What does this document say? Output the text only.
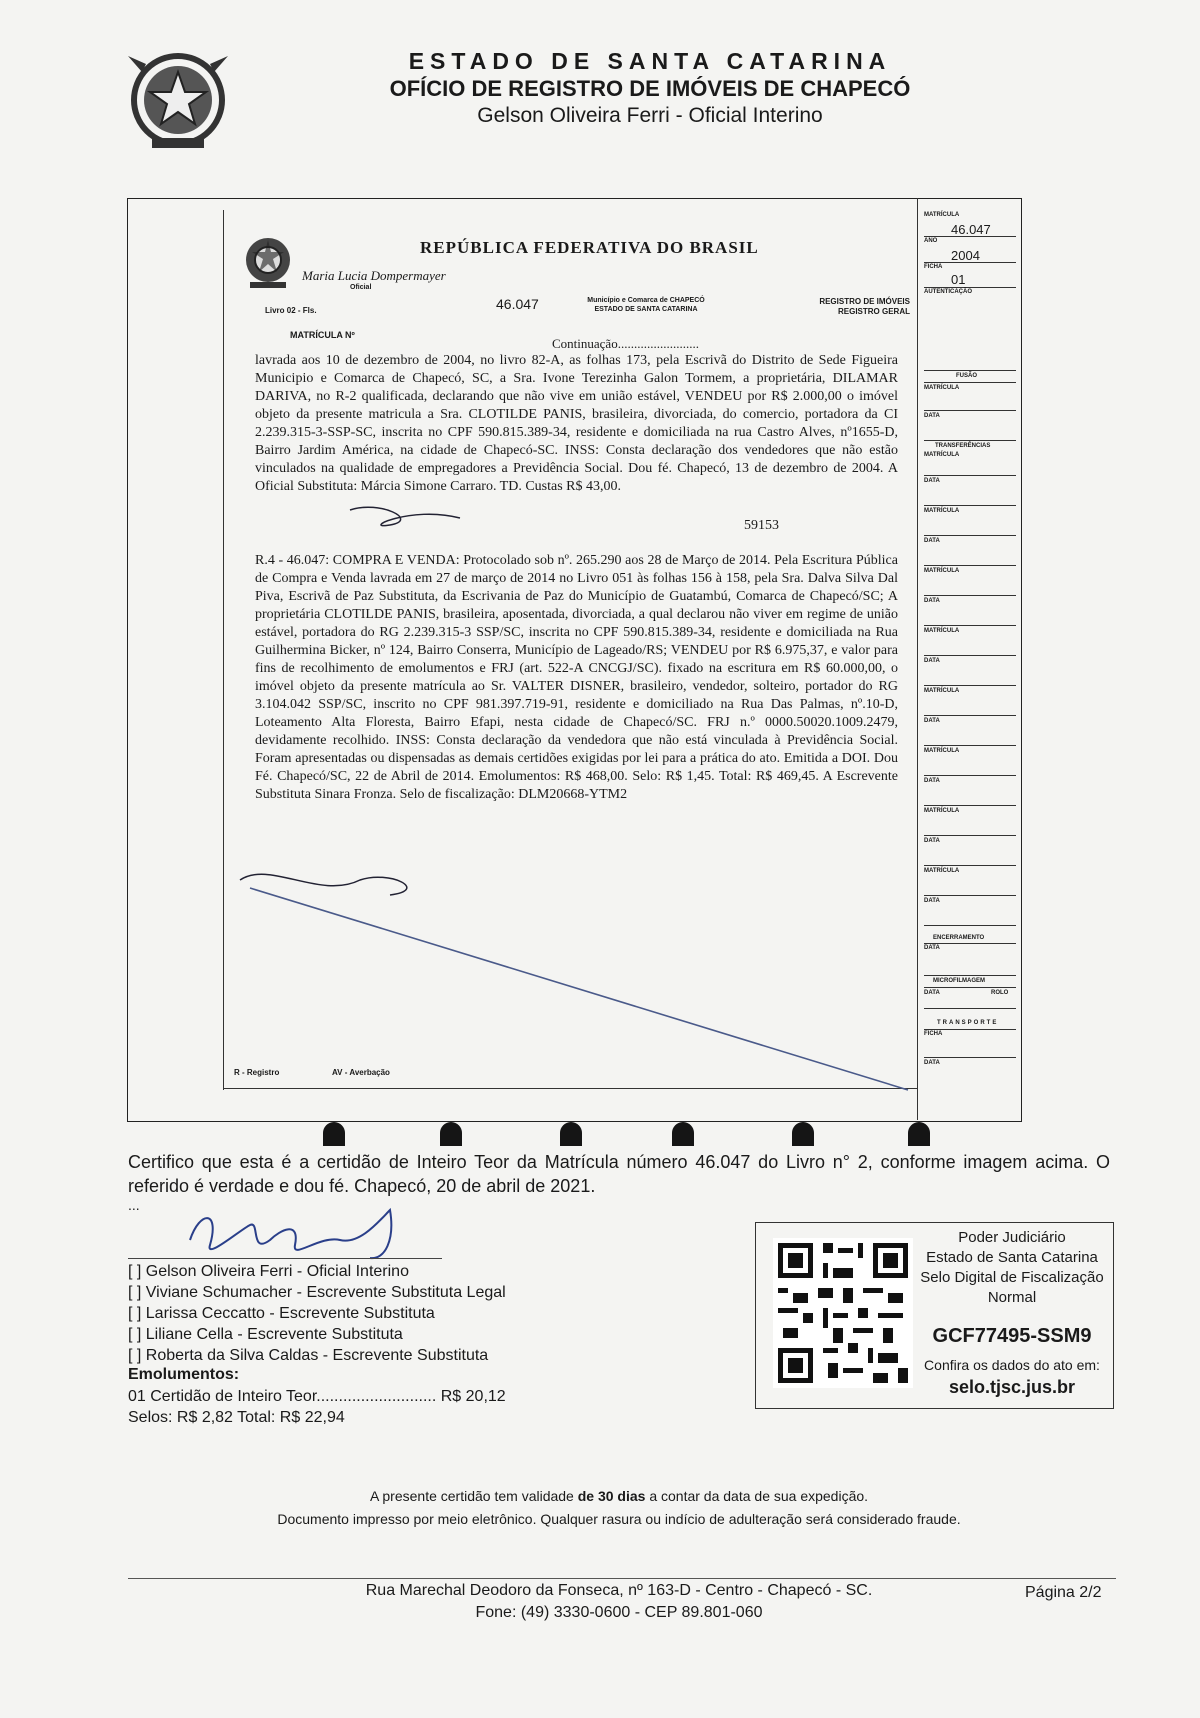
ESTADO DE SANTA CATARINA
OFÍCIO DE REGISTRO DE IMÓVEIS DE CHAPECÓ
Gelson Oliveira Ferri - Oficial Interino
REPÚBLICA FEDERATIVA DO BRASIL
Maria Lucia Dompermayer
Oficial
Livro 02 - Fls.	46.047	Município e Comarca de CHAPECÓ
ESTADO DE SANTA CATARINA
REGISTRO DE IMÓVEIS
REGISTRO GERAL
MATRÍCULA Nº
Continuação.........................
lavrada aos 10 de dezembro de 2004, no livro 82-A, as folhas 173, pela Escrivã do Distrito de Sede Figueira Municipio e Comarca de Chapecó, SC, a Sra. Ivone Terezinha Galon Tormem, a proprietária, DILAMAR DARIVA, no R-2 qualificada, declarando que não vive em união estável, VENDEU por R$ 2.000,00 o imóvel objeto da presente matricula a Sra. CLOTILDE PANIS, brasileira, divorciada, do comercio, portadora da CI 2.239.315-3-SSP-SC, inscrita no CPF 590.815.389-34, residente e domiciliada na rua Castro Alves, nº1655-D, Bairro Jardim América, na cidade de Chapecó-SC. INSS: Consta declaração dos vendedores que não estão vinculados na qualidade de empregadores a Previdência Social. Dou fé. Chapecó, 13 de dezembro de 2004. A Oficial Substituta: Márcia Simone Carraro. TD. Custas R$ 43,00.
59153
R.4 - 46.047: COMPRA E VENDA: Protocolado sob nº. 265.290 aos 28 de Março de 2014. Pela Escritura Pública de Compra e Venda lavrada em 27 de março de 2014 no Livro 051 às folhas 156 à 158, pela Sra. Dalva Silva Dal Piva, Escrivã de Paz Substituta, da Escrivania de Paz do Município de Guatambú, Comarca de Chapecó/SC; A proprietária CLOTILDE PANIS, brasileira, aposentada, divorciada, a qual declarou não viver em regime de união estável, portadora do RG 2.239.315-3 SSP/SC, inscrita no CPF 590.815.389-34, residente e domiciliada na Rua Guilhermina Bicker, nº 124, Bairro Conserra, Município de Lageado/RS; VENDEU por R$ 6.975,37, e valor para fins de recolhimento de emolumentos e FRJ (art. 522-A CNCGJ/SC). fixado na escritura em R$ 60.000,00, o imóvel objeto da presente matrícula ao Sr. VALTER DISNER, brasileiro, vendedor, solteiro, portador do RG 3.104.042 SSP/SC, inscrito no CPF 981.397.719-91, residente e domiciliado na Rua Das Palmas, nº.10-D, Loteamento Alta Floresta, Bairro Efapi, nesta cidade de Chapecó/SC. FRJ n.º 0000.50020.1009.2479, devidamente recolhido. INSS: Consta declaração da vendedora que não está vinculada à Previdência Social. Foram apresentadas ou dispensadas as demais certidões exigidas por lei para a prática do ato. Emitida a DOI. Dou Fé. Chapecó/SC, 22 de Abril de 2014. Emolumentos: R$ 468,00. Selo: R$ 1,45. Total: R$ 469,45. A Escrevente Substituta Sinara Fronza. Selo de fiscalização: DLM20668-YTM2
R - Registro	AV - Averbação
MATRÍCULA
46.047
ANO
2004
FICHA
01
AUTENTICAÇÃO
FUSÃO
MATRÍCULA
DATA
TRANSFERÊNCIAS
MATRÍCULA
DATA
MATRÍCULA
DATA
MATRÍCULA
DATA
MATRÍCULA
DATA
MATRÍCULA
DATA
MATRÍCULA
DATA
MATRÍCULA
DATA
MATRÍCULA
DATA
ENCERRAMENTO
DATA
MICROFILMAGEM
DATA	ROLO
TRANSPORTE
FICHA
DATA
Certifico que esta é a certidão de Inteiro Teor da Matrícula número 46.047 do Livro n° 2, conforme imagem acima. O referido é verdade e dou fé. Chapecó, 20 de abril de 2021.
...
[ ] Gelson Oliveira Ferri - Oficial Interino
[ ] Viviane Schumacher - Escrevente Substituta Legal
[ ] Larissa Ceccatto - Escrevente Substituta
[ ] Liliane Cella - Escrevente Substituta
[ ] Roberta da Silva Caldas - Escrevente Substituta
Emolumentos:
01 Certidão de Inteiro Teor........................... R$ 20,12
Selos: R$ 2,82 Total: R$ 22,94
Poder Judiciário
Estado de Santa Catarina
Selo Digital de Fiscalização
Normal
GCF77495-SSM9
Confira os dados do ato em:
selo.tjsc.jus.br
A presente certidão tem validade de 30 dias a contar da data de sua expedição.
Documento impresso por meio eletrônico. Qualquer rasura ou indício de adulteração será considerado fraude.
Rua Marechal Deodoro da Fonseca, nº 163-D - Centro - Chapecó - SC.
Fone: (49) 3330-0600 - CEP 89.801-060
Página 2/2
